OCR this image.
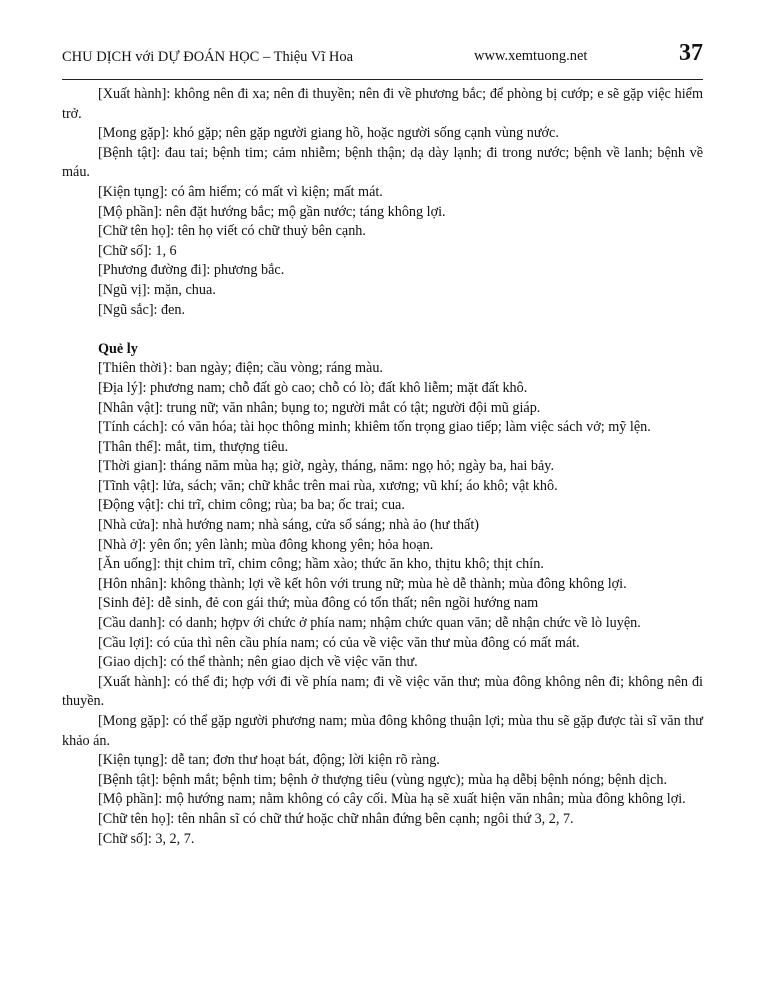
CHU DỊCH với DỰ ĐOÁN HỌC – Thiệu Vĩ Hoa	www.xemtuong.net	37

[Xuất hành]: không nên đi xa; nên đi thuyền; nên đi về phương bắc; để phòng bị cướp; e sẽ gặp việc hiểm trở.

[Mong gặp]: khó gặp; nên gặp người giang hồ, hoặc người sống cạnh vùng nước.

[Bệnh tật]: đau tai; bệnh tim; cảm nhiễm; bệnh thận; dạ dày lạnh; đi trong nước; bệnh về lanh; bệnh về máu.

[Kiện tụng]: có âm hiểm; có mất vì kiện; mất mát.

[Mộ phần]: nên đặt hướng bắc; mộ gần nước; táng không lợi.

[Chữ tên họ]: tên họ viết có chữ thuỷ bên cạnh.

[Chữ số]: 1, 6

[Phương đường đi]: phương bắc.

[Ngũ vị]: mặn, chua.

[Ngũ sắc]: đen.

Quẻ ly

[Thiên thời}: ban ngày; điện; cầu vòng; ráng màu.

[Địa lý]: phương nam; chỗ đất gò cao; chỗ có lò; đất khô liễm; mặt đất khô.

[Nhân vật]: trung nữ; văn nhân; bụng to; người mắt có tật; người đội mũ giáp.

[Tính cách]: có văn hóa; tài học thông minh; khiêm tốn trọng giao tiếp; làm việc sách vở; mỹ lện.

[Thân thể]: mắt, tim, thượng tiêu.

[Thời gian]: tháng năm mùa hạ; giờ, ngày, tháng, năm: ngọ hỏ; ngày ba, hai bảy.

[Tĩnh vật]: lửa, sách; văn; chữ khắc trên mai rùa, xương; vũ khí; áo khô; vật khô.

[Động vật]: chi trĩ, chim công; rùa; ba ba; ốc trai; cua.

[Nhà cửa]: nhà hướng nam; nhà sáng, cửa sổ sáng; nhà ảo (hư thất)

[Nhà ở]: yên ổn; yên lành; mùa đông khong yên; hỏa hoạn.

[Ăn uống]: thịt chim trĩ, chim công; hầm xào; thức ăn kho, thịtu khô; thịt chín.

[Hôn nhân]: không thành; lợi về kết hôn với trung nữ; mùa hè dễ thành; mùa đông không lợi.

[Sinh đẻ]: dễ sinh, đẻ con gái thứ; mùa đông có tổn thất; nên ngồi hướng nam

[Cầu danh]: có danh; hợpv ới chức ở phía nam; nhậm chức quan văn; dễ nhận chức về lò luyện.

[Cầu lợi]: có của thì nên cầu phía nam; có của về việc văn thư mùa đông có mất mát.

[Giao dịch]: có thể thành; nên giao dịch về việc văn thư.

[Xuất hành]: có thể đi; hợp với đi về phía nam; đi về việc văn thư; mùa đông không nên đi; không nên đi thuyền.

[Mong gặp]: có thể gặp người phương nam; mùa đông không thuận lợi; mùa thu sẽ gặp được tài sĩ văn thư khảo án.

[Kiện tụng]: dễ tan; đơn thư hoạt bát, động; lời kiện rõ ràng.

[Bệnh tật]: bệnh mắt; bệnh tim; bệnh ở thượng tiêu (vùng ngực); mùa hạ dễbị bệnh nóng; bệnh dịch.

[Mộ phần]: mộ hướng nam; nằm không có cây cối. Mùa hạ sẽ xuất hiện văn nhân; mùa đông không lợi.

[Chữ tên họ]: tên nhân sĩ có chữ thứ hoặc chữ nhân đứng bên cạnh; ngôi thứ 3, 2, 7.

[Chữ số]: 3, 2, 7.
